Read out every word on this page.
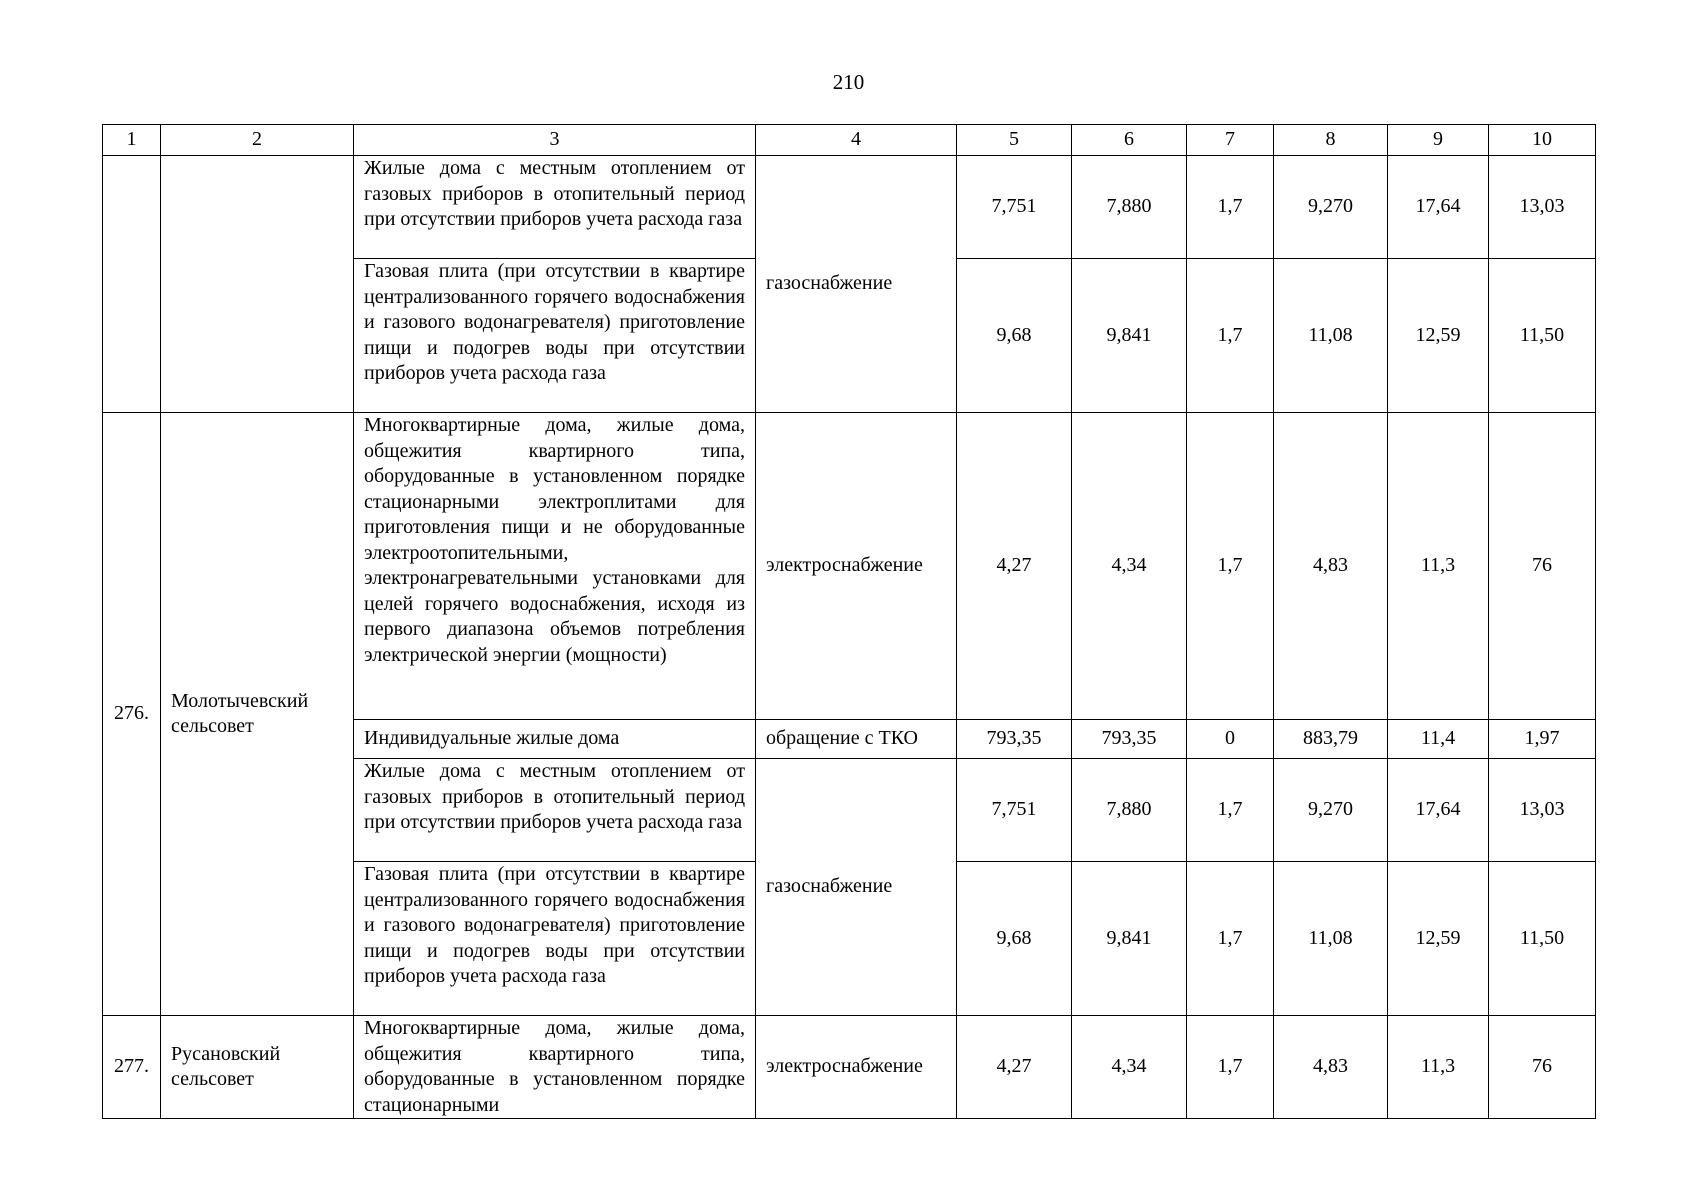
210
1	2	3	4	5	6	7	8	9	10
		Жилые дома с местным отоплением от газовых приборов в отопительный период при отсутствии приборов учета расхода газа	газоснабжение	7,751	7,880	1,7	9,270	17,64	13,03
		Газовая плита (при отсутствии в квартире централизованного горячего водоснабжения и газового водонагревателя) приготовление пищи и подогрев воды при отсутствии приборов учета расхода газа		9,68	9,841	1,7	11,08	12,59	11,50
276.	Молотычевский сельсовет	Многоквартирные дома, жилые дома, общежития квартирного типа, оборудованные в установленном порядке стационарными электроплитами для приготовления пищи и не оборудованные электроотопительными, электронагревательными установками для целей горячего водоснабжения, исходя из первого диапазона объемов потребления электрической энергии (мощности)	электроснабжение	4,27	4,34	1,7	4,83	11,3	76
		Индивидуальные жилые дома	обращение с ТКО	793,35	793,35	0	883,79	11,4	1,97
		Жилые дома с местным отоплением от газовых приборов в отопительный период при отсутствии приборов учета расхода газа	газоснабжение	7,751	7,880	1,7	9,270	17,64	13,03
		Газовая плита (при отсутствии в квартире централизованного горячего водоснабжения и газового водонагревателя) приготовление пищи и подогрев воды при отсутствии приборов учета расхода газа		9,68	9,841	1,7	11,08	12,59	11,50
277.	Русановский сельсовет	Многоквартирные дома, жилые дома, общежития квартирного типа, оборудованные в установленном порядке стационарными	электроснабжение	4,27	4,34	1,7	4,83	11,3	76
